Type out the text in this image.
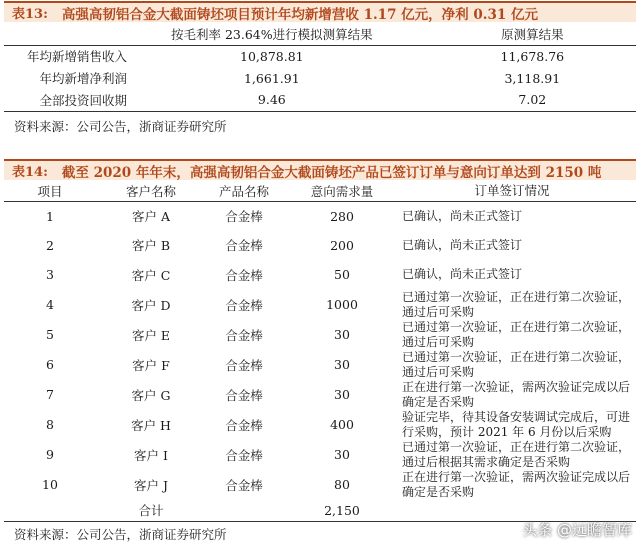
表13: 高强高韧铝合金大截面铸坯项目预计年均新增营收 1.17 亿元，净利 0.31 亿元
	按毛利率 23.64%进行模拟测算结果	原测算结果
年均新增销售收入	10,878.81	11,678.76
年均新增净利润	1,661.91	3,118.91
全部投资回收期	9.46	7.02
资料来源：公司公告，浙商证券研究所
表14: 截至 2020 年年末，高强高韧铝合金大截面铸坯产品已签订订单与意向订单达到 2150 吨
项目	客户名称	产品名称	意向需求量	订单签订情况
1	客户 A	合金棒	280	已确认，尚未正式签订
2	客户 B	合金棒	200	已确认，尚未正式签订
3	客户 C	合金棒	50	已确认，尚未正式签订
4	客户 D	合金棒	1000	已通过第一次验证，正在进行第二次验证，通过后可采购
5	客户 E	合金棒	30	已通过第一次验证，正在进行第二次验证，通过后可采购
6	客户 F	合金棒	30	已通过第一次验证，正在进行第二次验证，通过后可采购
7	客户 G	合金棒	30	正在进行第一次验证，需两次验证完成以后确定是否采购
8	客户 H	合金棒	400	验证完毕，待其设备安装调试完成后，可进行采购，预计 2021 年 6 月份以后采购
9	客户 I	合金棒	30	已通过第一次验证，正在进行第二次验证，通过后根据其需求确定是否采购
10	客户 J	合金棒	80	正在进行第一次验证，需两次验证完成以后确定是否采购
	合计		2,150	
资料来源：公司公告，浙商证券研究所	头条 @远瞻智库
